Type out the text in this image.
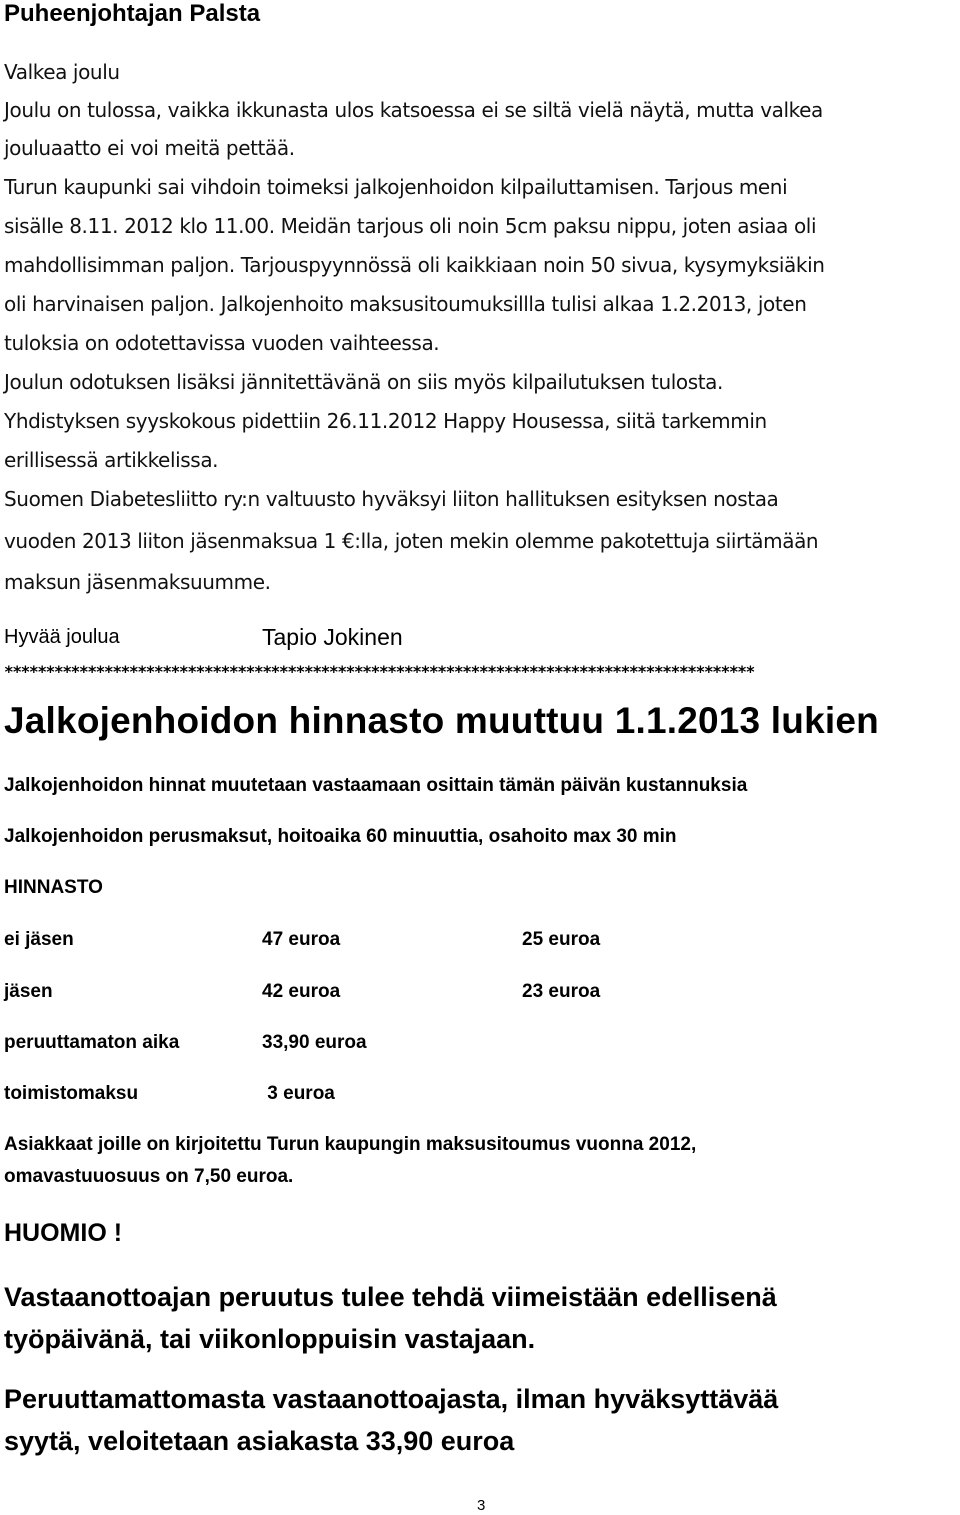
Puheenjohtajan Palsta
Valkea joulu
Joulu on tulossa, vaikka ikkunasta ulos katsoessa ei se siltä vielä näytä, mutta valkea
jouluaatto ei voi meitä pettää.
Turun kaupunki sai vihdoin toimeksi jalkojenhoidon kilpailuttamisen. Tarjous meni
sisälle 8.11. 2012 klo 11.00. Meidän tarjous oli noin 5cm paksu nippu, joten asiaa oli
mahdollisimman paljon. Tarjouspyynnössä oli kaikkiaan noin 50 sivua, kysymyksiäkin
oli harvinaisen paljon. Jalkojenhoito maksusitoumuksillla tulisi alkaa 1.2.2013, joten
tuloksia on odotettavissa vuoden vaihteessa.
Joulun odotuksen lisäksi jännitettävänä on siis myös kilpailutuksen tulosta.
Yhdistyksen syyskokous pidettiin 26.11.2012 Happy Housessa, siitä tarkemmin
erillisessä artikkelissa.
Suomen Diabetesliitto ry:n valtuusto hyväksyi liiton hallituksen esityksen nostaa
vuoden 2013 liiton jäsenmaksua 1 €:lla, joten mekin olemme pakotettuja siirtämään
maksun jäsenmaksuumme.
Hyvää joulua	Tapio Jokinen
******************************************************************************************
Jalkojenhoidon hinnasto muuttuu 1.1.2013 lukien
Jalkojenhoidon hinnat muutetaan vastaamaan osittain tämän päivän kustannuksia
Jalkojenhoidon perusmaksut, hoitoaika 60 minuuttia, osahoito max 30 min
HINNASTO
ei jäsen	47 euroa	25 euroa
jäsen	42 euroa	23 euroa
peruuttamaton aika	33,90 euroa
toimistomaksu	3 euroa
Asiakkaat joille on kirjoitettu Turun kaupungin maksusitoumus vuonna 2012,
omavastuuosuus on 7,50 euroa.
HUOMIO !
Vastaanottoajan peruutus tulee tehdä viimeistään edellisenä
työpäivänä, tai viikonloppuisin vastajaan.
Peruuttamattomasta vastaanottoajasta, ilman hyväksyttävää
syytä, veloitetaan asiakasta 33,90 euroa
3
